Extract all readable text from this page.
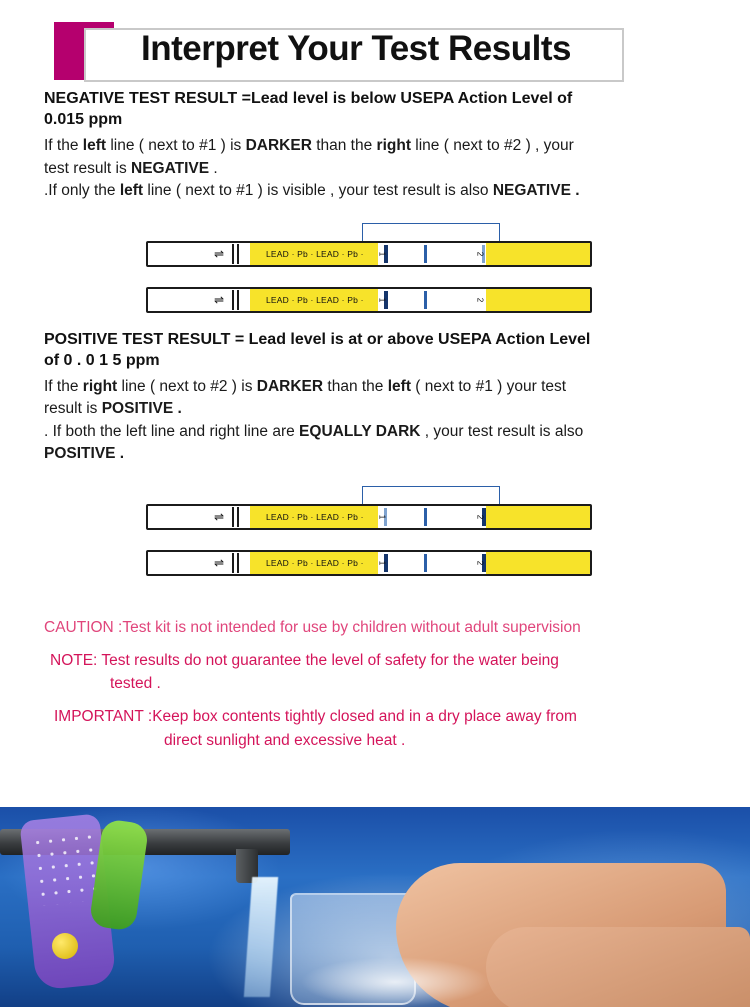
Interpret Your Test Results

NEGATIVE TEST RESULT =Lead level is below USEPA Action Level of
0.015 ppm

If the left line ( next to #1 ) is DARKER than the right line ( next to #2 ) , your
test result is NEGATIVE .
.If only the left line ( next to #1 ) is visible , your test result is also NEGATIVE .

⇌	LEAD · Pb · LEAD · Pb · 1	2
⇌	LEAD · Pb · LEAD · Pb · 1	2

POSITIVE TEST RESULT = Lead level is at or above USEPA Action Level
of 0 . 0 1 5 ppm

If the right line ( next to #2 ) is DARKER than the left ( next to #1 ) your test
result is POSITIVE .
. If both the left line and right line are EQUALLY DARK , your test result is also
POSITIVE .

⇌	LEAD · Pb · LEAD · Pb · 1	2
⇌	LEAD · Pb · LEAD · Pb · 1	2

CAUTION :Test kit is not intended for use by children without adult supervision

NOTE: Test results do not guarantee the level of safety for the water being
tested .

IMPORTANT :Keep box contents tightly closed and in a dry place away from
direct sunlight and excessive heat .
